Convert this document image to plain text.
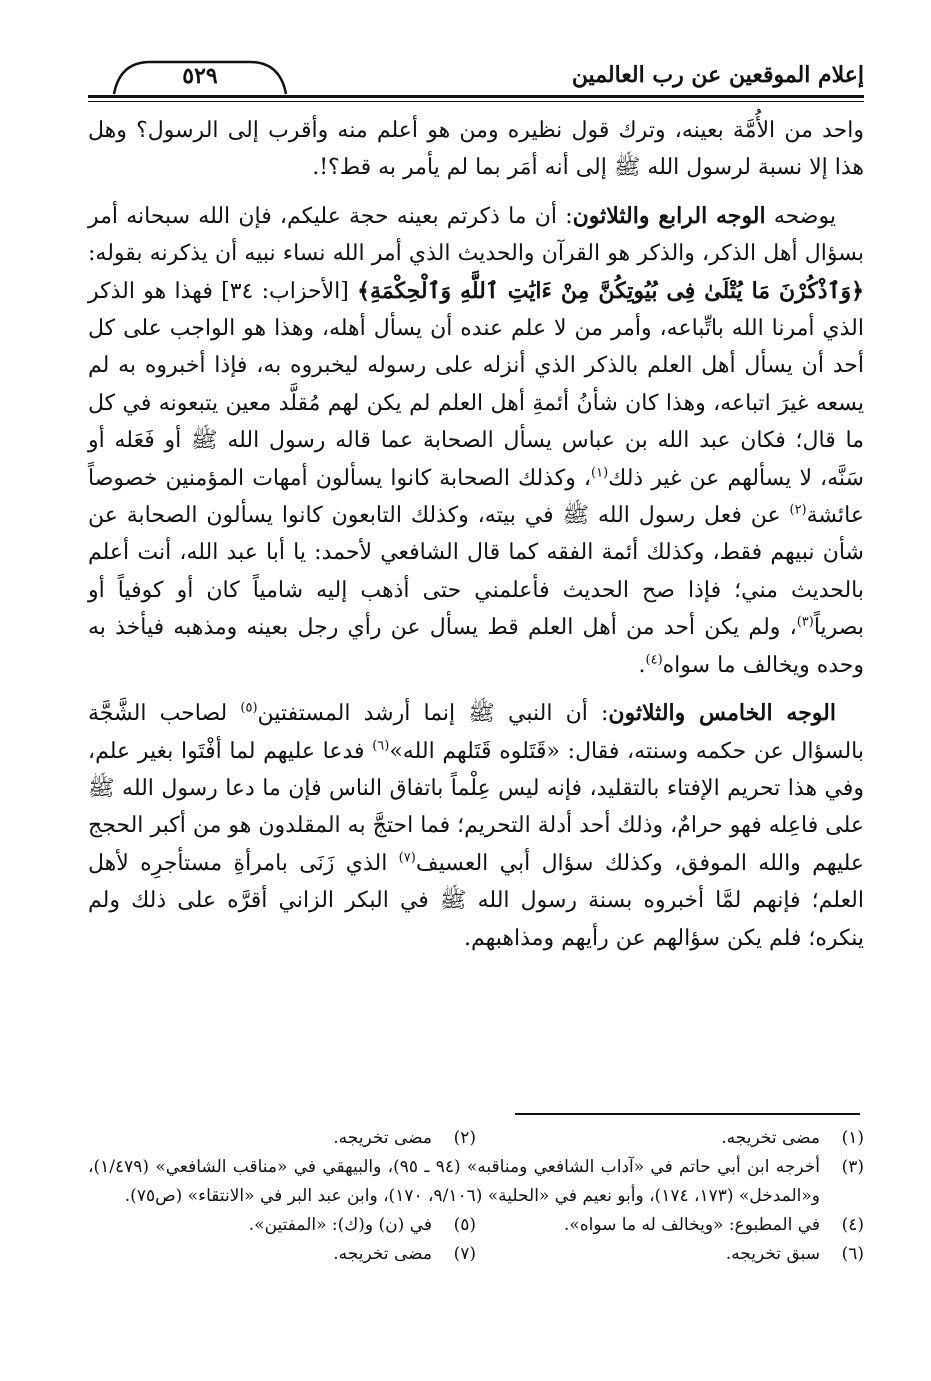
إعلام الموقعين عن رب العالمين
٥٢٩

واحد من الأُمَّة بعينه، وترك قول نظيره ومن هو أعلم منه وأقرب إلى الرسول؟ وهل هذا إلا نسبة لرسول الله ﷺ إلى أنه أمَر بما لم يأمر به قط؟!.

يوضحه الوجه الرابع والثلاثون: أن ما ذكرتم بعينه حجة عليكم، فإن الله سبحانه أمر بسؤال أهل الذكر، والذكر هو القرآن والحديث الذي أمر الله نساء نبيه أن يذكرنه بقوله: ﴿وَٱذْكُرْنَ مَا يُتْلَىٰ فِى بُيُوتِكُنَّ مِنْ ءَايَٰتِ ٱللَّهِ وَٱلْحِكْمَةِ﴾ [الأحزاب: ٣٤] فهذا هو الذكر الذي أمرنا الله باتِّباعه، وأمر من لا علم عنده أن يسأل أهله، وهذا هو الواجب على كل أحد أن يسأل أهل العلم بالذكر الذي أنزله على رسوله ليخبروه به، فإذا أخبروه به لم يسعه غيرَ اتباعه، وهذا كان شأنُ أئمةِ أهل العلم لم يكن لهم مُقلَّد معين يتبعونه في كل ما قال؛ فكان عبد الله بن عباس يسأل الصحابة عما قاله رسول الله ﷺ أو فَعَله أو سَنَّه، لا يسألهم عن غير ذلك$^{(١)}$، وكذلك الصحابة كانوا يسألون أمهات المؤمنين خصوصاً عائشة$^{(٢)}$ عن فعل رسول الله ﷺ في بيته، وكذلك التابعون كانوا يسألون الصحابة عن شأن نبيهم فقط، وكذلك أئمة الفقه كما قال الشافعي لأحمد: يا أبا عبد الله، أنت أعلم بالحديث مني؛ فإذا صح الحديث فأعلمني حتى أذهب إليه شامياً كان أو كوفياً أو بصرياً$^{(٣)}$، ولم يكن أحد من أهل العلم قط يسأل عن رأي رجل بعينه ومذهبه فيأخذ به وحده ويخالف ما سواه$^{(٤)}$.

الوجه الخامس والثلاثون: أن النبي ﷺ إنما أرشد المستفتين$^{(٥)}$ لصاحب الشَّجَّة بالسؤال عن حكمه وسنته، فقال: «قَتَلوه قَتَلهم الله»$^{(٦)}$ فدعا عليهم لما أفْتَوا بغير علم، وفي هذا تحريم الإفتاء بالتقليد، فإنه ليس عِلْماً باتفاق الناس فإن ما دعا رسول الله ﷺ على فاعِله فهو حرامٌ، وذلك أحد أدلة التحريم؛ فما احتجَّ به المقلدون هو من أكبر الحجج عليهم والله الموفق، وكذلك سؤال أبي العسيف$^{(٧)}$ الذي زَنَى بامرأةِ مستأجرِه لأهل العلم؛ فإنهم لمَّا أخبروه بسنة رسول الله ﷺ في البكر الزاني أقرَّه على ذلك ولم ينكره؛ فلم يكن سؤالهم عن رأيهم ومذاهبهم.

(١)
مضى تخريجه.
(٢)
مضى تخريجه.
(٣)
أخرجه ابن أبي حاتم في «آداب الشافعي ومناقبه» (٩٤ ـ ٩٥)، والبيهقي في «مناقب الشافعي» (١/٤٧٩)، و«المدخل» (١٧٣، ١٧٤)، وأبو نعيم في «الحلية» (٩/١٠٦، ١٧٠)، وابن عبد البر في «الانتقاء» (ص٧٥).
(٤)
في المطبوع: «ويخالف له ما سواه».
(٥)
في (ن) و(ك): «المفتين».
(٦)
سبق تخريجه.
(٧)
مضى تخريجه.
